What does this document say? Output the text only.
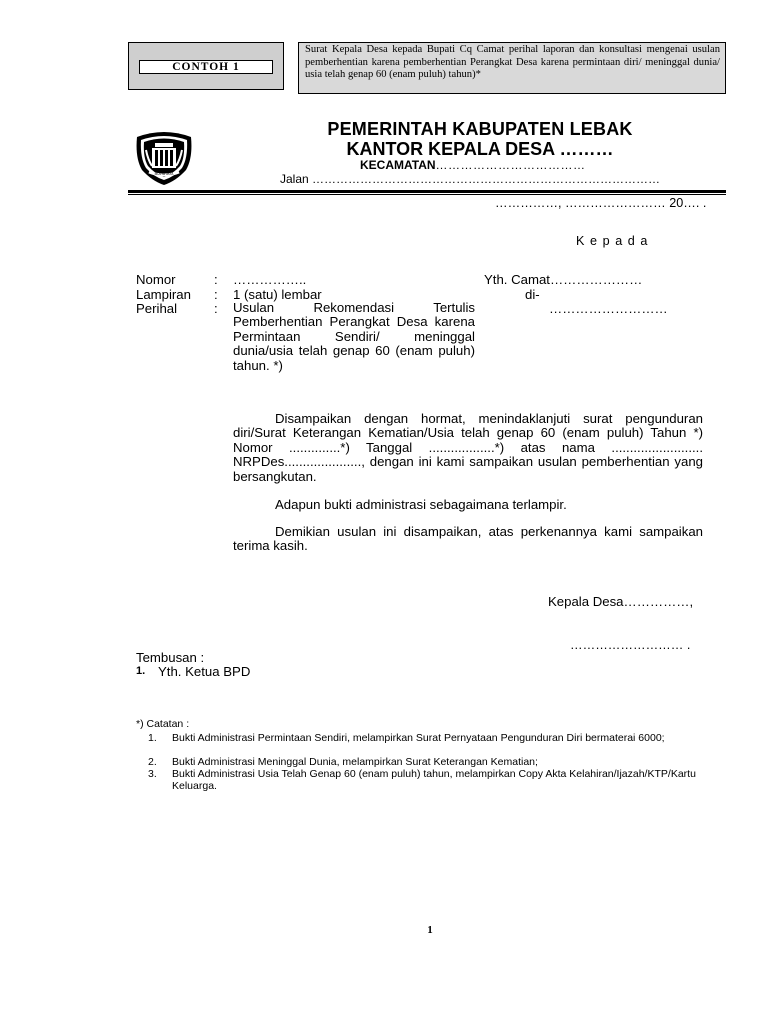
CONTOH 1
Surat Kepala Desa kepada Bupati Cq Camat perihal laporan dan konsultasi mengenai usulan pemberhentian karena pemberhentian Perangkat Desa karena permintaan diri/ meninggal dunia/ usia telah genap 60 (enam puluh) tahun)*
MULYA JAYA
PEMERINTAH KABUPATEN LEBAK
KANTOR KEPALA DESA ………
KECAMATAN………………………………
Jalan ……………………………………………………………………………
……………, …………………… 20…. .
Kepada
Nomor	: ……………..
Lampiran : 1 (satu) lembar
Perihal	: Usulan Rekomendasi Tertulis Pemberhentian Perangkat Desa karena Permintaan Sendiri/ meninggal dunia/usia telah genap 60 (enam puluh) tahun. *)
Yth. Camat…………………
di-
………………………
Disampaikan dengan hormat, menindaklanjuti surat pengunduran diri/Surat Keterangan Kematian/Usia telah genap 60 (enam puluh) Tahun *) Nomor ..............*) Tanggal ..................*) atas nama ......................... NRPDes....................., dengan ini kami sampaikan usulan pemberhentian yang bersangkutan.
Adapun bukti administrasi sebagaimana terlampir.
Demikian usulan ini disampaikan, atas perkenannya kami sampaikan terima kasih.
Kepala Desa……………,
……………………… .
Tembusan :
1. Yth. Ketua BPD
*) Catatan :
1. Bukti Administrasi Permintaan Sendiri, melampirkan Surat Pernyataan Pengunduran Diri bermaterai 6000;
2. Bukti Administrasi Meninggal Dunia, melampirkan Surat Keterangan Kematian;
3. Bukti Administrasi Usia Telah Genap 60 (enam puluh) tahun, melampirkan Copy Akta Kelahiran/Ijazah/KTP/Kartu Keluarga.
1
